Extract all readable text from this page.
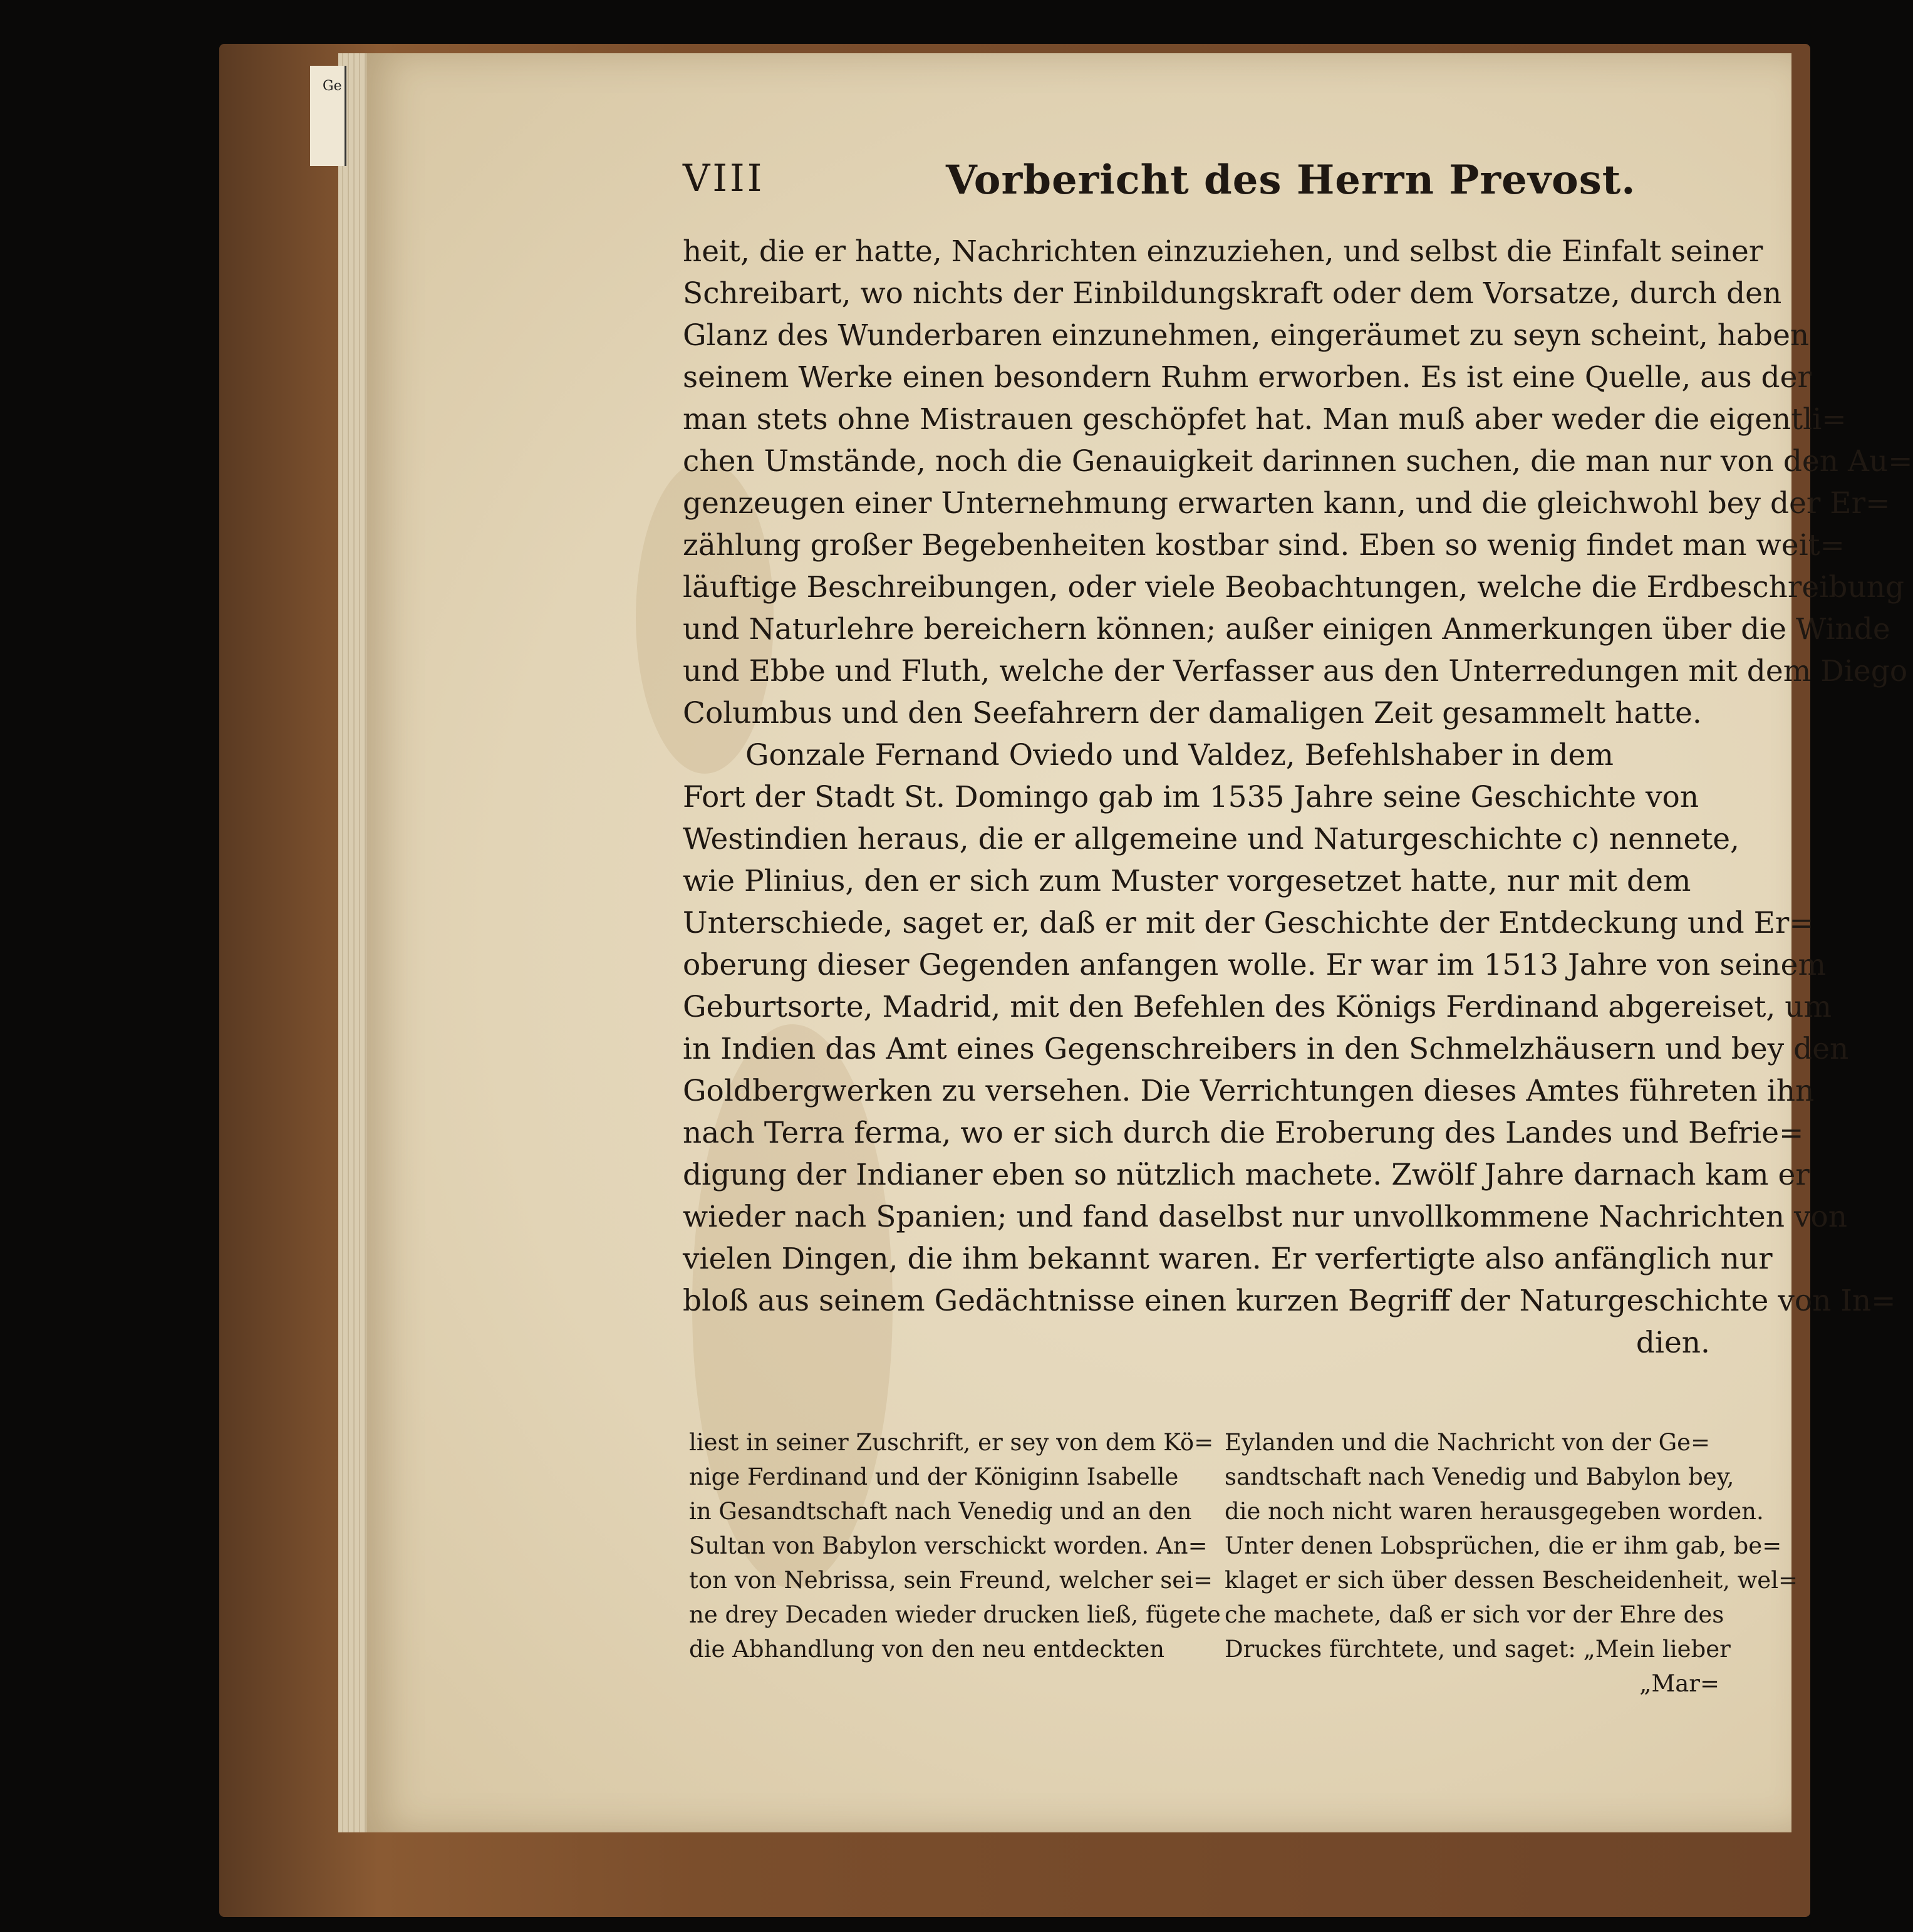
Ge
VIII	Vorbericht des Herrn Prevost.
heit, die er hatte, Nachrichten einzuziehen, und selbst die Einfalt seiner
Schreibart, wo nichts der Einbildungskraft oder dem Vorsatze, durch den
Glanz des Wunderbaren einzunehmen, eingeräumet zu seyn scheint, haben
seinem Werke einen besondern Ruhm erworben. Es ist eine Quelle, aus der
man stets ohne Mistrauen geschöpfet hat. Man muß aber weder die eigentli=
chen Umstände, noch die Genauigkeit darinnen suchen, die man nur von den Au=
genzeugen einer Unternehmung erwarten kann, und die gleichwohl bey der Er=
zählung großer Begebenheiten kostbar sind. Eben so wenig findet man weit=
läuftige Beschreibungen, oder viele Beobachtungen, welche die Erdbeschreibung
und Naturlehre bereichern können; außer einigen Anmerkungen über die Winde
und Ebbe und Fluth, welche der Verfasser aus den Unterredungen mit dem Diego
Columbus und den Seefahrern der damaligen Zeit gesammelt hatte.
Gonzale Fernand Oviedo und Valdez, Befehlshaber in dem
Fort der Stadt St. Domingo gab im 1535 Jahre seine Geschichte von
Westindien heraus, die er allgemeine und Naturgeschichte c) nennete,
wie Plinius, den er sich zum Muster vorgesetzet hatte, nur mit dem
Unterschiede, saget er, daß er mit der Geschichte der Entdeckung und Er=
oberung dieser Gegenden anfangen wolle. Er war im 1513 Jahre von seinem
Geburtsorte, Madrid, mit den Befehlen des Königs Ferdinand abgereiset, um
in Indien das Amt eines Gegenschreibers in den Schmelzhäusern und bey den
Goldbergwerken zu versehen. Die Verrichtungen dieses Amtes führeten ihn
nach Terra ferma, wo er sich durch die Eroberung des Landes und Befrie=
digung der Indianer eben so nützlich machete. Zwölf Jahre darnach kam er
wieder nach Spanien; und fand daselbst nur unvollkommene Nachrichten von
vielen Dingen, die ihm bekannt waren. Er verfertigte also anfänglich nur
bloß aus seinem Gedächtnisse einen kurzen Begriff der Naturgeschichte von In=
dien.
liest in seiner Zuschrift, er sey von dem Kö=
nige Ferdinand und der Königinn Isabelle
in Gesandtschaft nach Venedig und an den
Sultan von Babylon verschickt worden. An=
ton von Nebrissa, sein Freund, welcher sei=
ne drey Decaden wieder drucken ließ, fügete
die Abhandlung von den neu entdeckten
Eylanden und die Nachricht von der Ge=
sandtschaft nach Venedig und Babylon bey,
die noch nicht waren herausgegeben worden.
Unter denen Lobsprüchen, die er ihm gab, be=
klaget er sich über dessen Bescheidenheit, wel=
che machete, daß er sich vor der Ehre des
Druckes fürchtete, und saget: „Mein lieber
„Mar=
